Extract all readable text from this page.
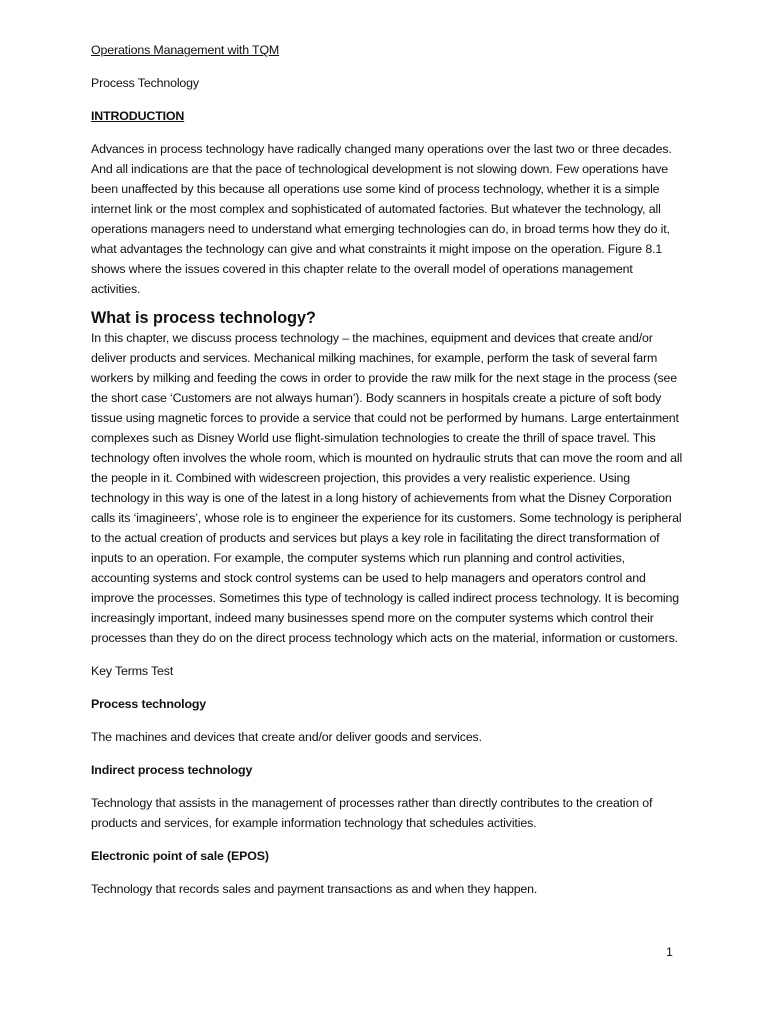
Operations Management with TQM

Process Technology

INTRODUCTION

Advances in process technology have radically changed many operations over the last two or three decades. And all indications are that the pace of technological development is not slowing down. Few operations have been unaffected by this because all operations use some kind of process technology, whether it is a simple internet link or the most complex and sophisticated of automated factories. But whatever the technology, all operations managers need to understand what emerging technologies can do, in broad terms how they do it, what advantages the technology can give and what constraints it might impose on the operation. Figure 8.1 shows where the issues covered in this chapter relate to the overall model of operations management activities.

What is process technology?

In this chapter, we discuss process technology – the machines, equipment and devices that create and/or deliver products and services. Mechanical milking machines, for example, perform the task of several farm workers by milking and feeding the cows in order to provide the raw milk for the next stage in the process (see the short case ‘Customers are not always human’). Body scanners in hospitals create a picture of soft body tissue using magnetic forces to provide a service that could not be performed by humans. Large entertainment complexes such as Disney World use flight-simulation technologies to create the thrill of space travel. This technology often involves the whole room, which is mounted on hydraulic struts that can move the room and all the people in it. Combined with widescreen projection, this provides a very realistic experience. Using technology in this way is one of the latest in a long history of achievements from what the Disney Corporation calls its ‘imagineers’, whose role is to engineer the experience for its customers. Some technology is peripheral to the actual creation of products and services but plays a key role in facilitating the direct transformation of inputs to an operation. For example, the computer systems which run planning and control activities, accounting systems and stock control systems can be used to help managers and operators control and improve the processes. Sometimes this type of technology is called indirect process technology. It is becoming increasingly important, indeed many businesses spend more on the computer systems which control their processes than they do on the direct process technology which acts on the material, information or customers.

Key Terms Test

Process technology

The machines and devices that create and/or deliver goods and services.

Indirect process technology

Technology that assists in the management of processes rather than directly contributes to the creation of products and services, for example information technology that schedules activities.

Electronic point of sale (EPOS)

Technology that records sales and payment transactions as and when they happen.

1
